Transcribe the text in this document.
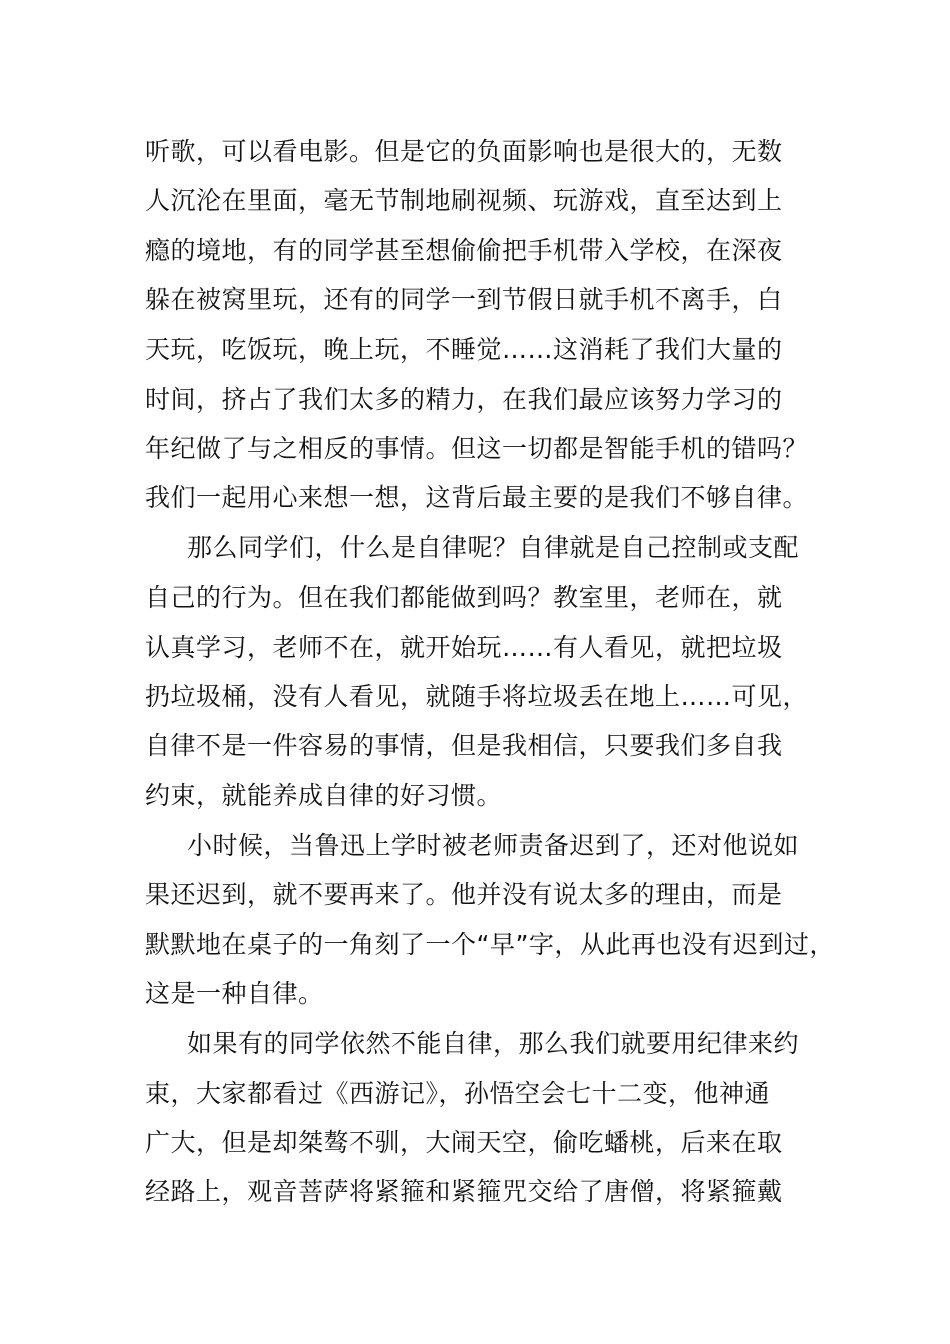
听歌，可以看电影。但是它的负面影响也是很大的，无数
人沉沦在里面，毫无节制地刷视频、玩游戏，直至达到上
瘾的境地，有的同学甚至想偷偷把手机带入学校，在深夜
躲在被窝里玩，还有的同学一到节假日就手机不离手，白
天玩，吃饭玩，晚上玩，不睡觉……这消耗了我们大量的
时间，挤占了我们太多的精力，在我们最应该努力学习的
年纪做了与之相反的事情。但这一切都是智能手机的错吗？
我们一起用心来想一想，这背后最主要的是我们不够自律。
那么同学们，什么是自律呢？自律就是自己控制或支配
自己的行为。但在我们都能做到吗？教室里，老师在，就
认真学习，老师不在，就开始玩……有人看见，就把垃圾
扔垃圾桶，没有人看见，就随手将垃圾丢在地上……可见，
自律不是一件容易的事情，但是我相信，只要我们多自我
约束，就能养成自律的好习惯。
小时候，当鲁迅上学时被老师责备迟到了，还对他说如
果还迟到，就不要再来了。他并没有说太多的理由，而是
默默地在桌子的一角刻了一个“早”字，从此再也没有迟到过，
这是一种自律。
如果有的同学依然不能自律，那么我们就要用纪律来约
束，大家都看过《西游记》，孙悟空会七十二变，他神通
广大，但是却桀骜不驯，大闹天空，偷吃蟠桃，后来在取
经路上，观音菩萨将紧箍和紧箍咒交给了唐僧，将紧箍戴
